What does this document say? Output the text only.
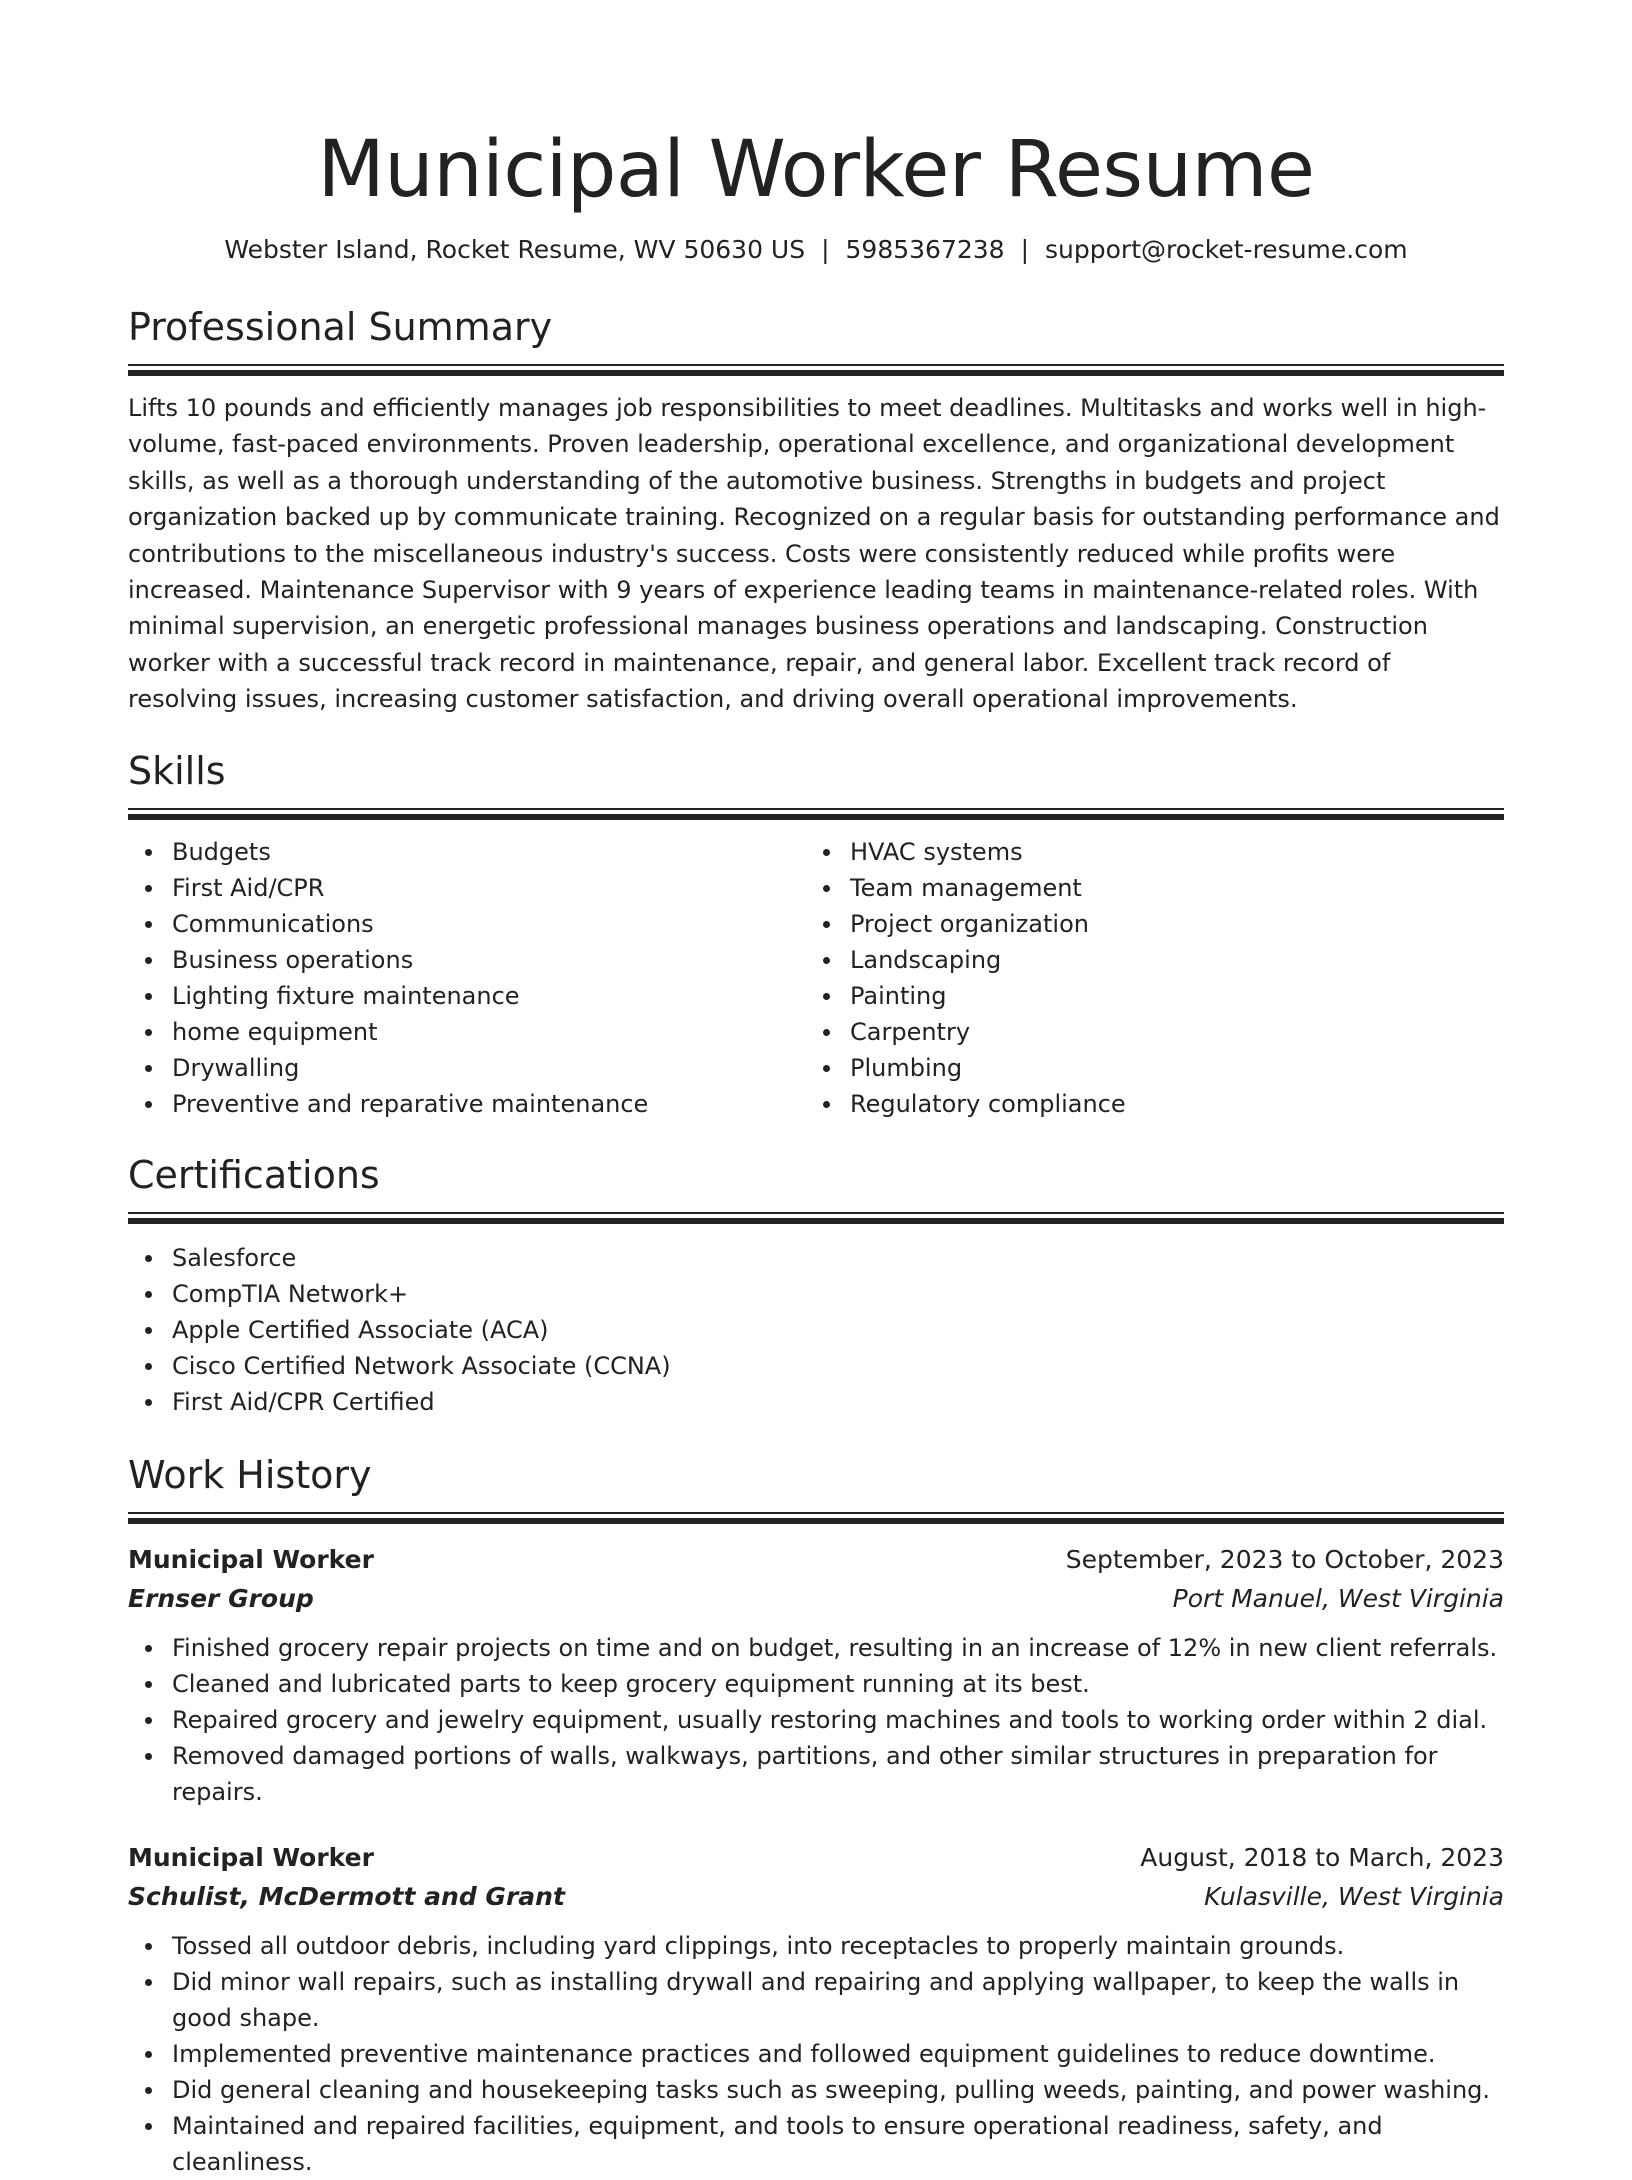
Municipal Worker Resume
Webster Island, Rocket Resume, WV 50630 US | 5985367238 | support@rocket-resume.com
Professional Summary

Lifts 10 pounds and efficiently manages job responsibilities to meet deadlines. Multitasks and works well in high-volume, fast-paced environments. Proven leadership, operational excellence, and organizational development skills, as well as a thorough understanding of the automotive business. Strengths in budgets and project organization backed up by communicate training. Recognized on a regular basis for outstanding performance and contributions to the miscellaneous industry's success. Costs were consistently reduced while profits were increased. Maintenance Supervisor with 9 years of experience leading teams in maintenance-related roles. With minimal supervision, an energetic professional manages business operations and landscaping. Construction worker with a successful track record in maintenance, repair, and general labor. Excellent track record of resolving issues, increasing customer satisfaction, and driving overall operational improvements.

Skills
Budgets
First Aid/CPR
Communications
Business operations
Lighting fixture maintenance
home equipment
Drywalling
Preventive and reparative maintenance
HVAC systems
Team management
Project organization
Landscaping
Painting
Carpentry
Plumbing
Regulatory compliance
Certifications
Salesforce
CompTIA Network+
Apple Certified Associate (ACA)
Cisco Certified Network Associate (CCNA)
First Aid/CPR Certified
Work History
Municipal Worker	September, 2023 to October, 2023
Ernser Group	Port Manuel, West Virginia
Finished grocery repair projects on time and on budget, resulting in an increase of 12% in new client referrals.
Cleaned and lubricated parts to keep grocery equipment running at its best.
Repaired grocery and jewelry equipment, usually restoring machines and tools to working order within 2 dial.
Removed damaged portions of walls, walkways, partitions, and other similar structures in preparation for repairs.
Municipal Worker	August, 2018 to March, 2023
Schulist, McDermott and Grant	Kulasville, West Virginia
Tossed all outdoor debris, including yard clippings, into receptacles to properly maintain grounds.
Did minor wall repairs, such as installing drywall and repairing and applying wallpaper, to keep the walls in good shape.
Implemented preventive maintenance practices and followed equipment guidelines to reduce downtime.
Did general cleaning and housekeeping tasks such as sweeping, pulling weeds, painting, and power washing.
Maintained and repaired facilities, equipment, and tools to ensure operational readiness, safety, and cleanliness.
